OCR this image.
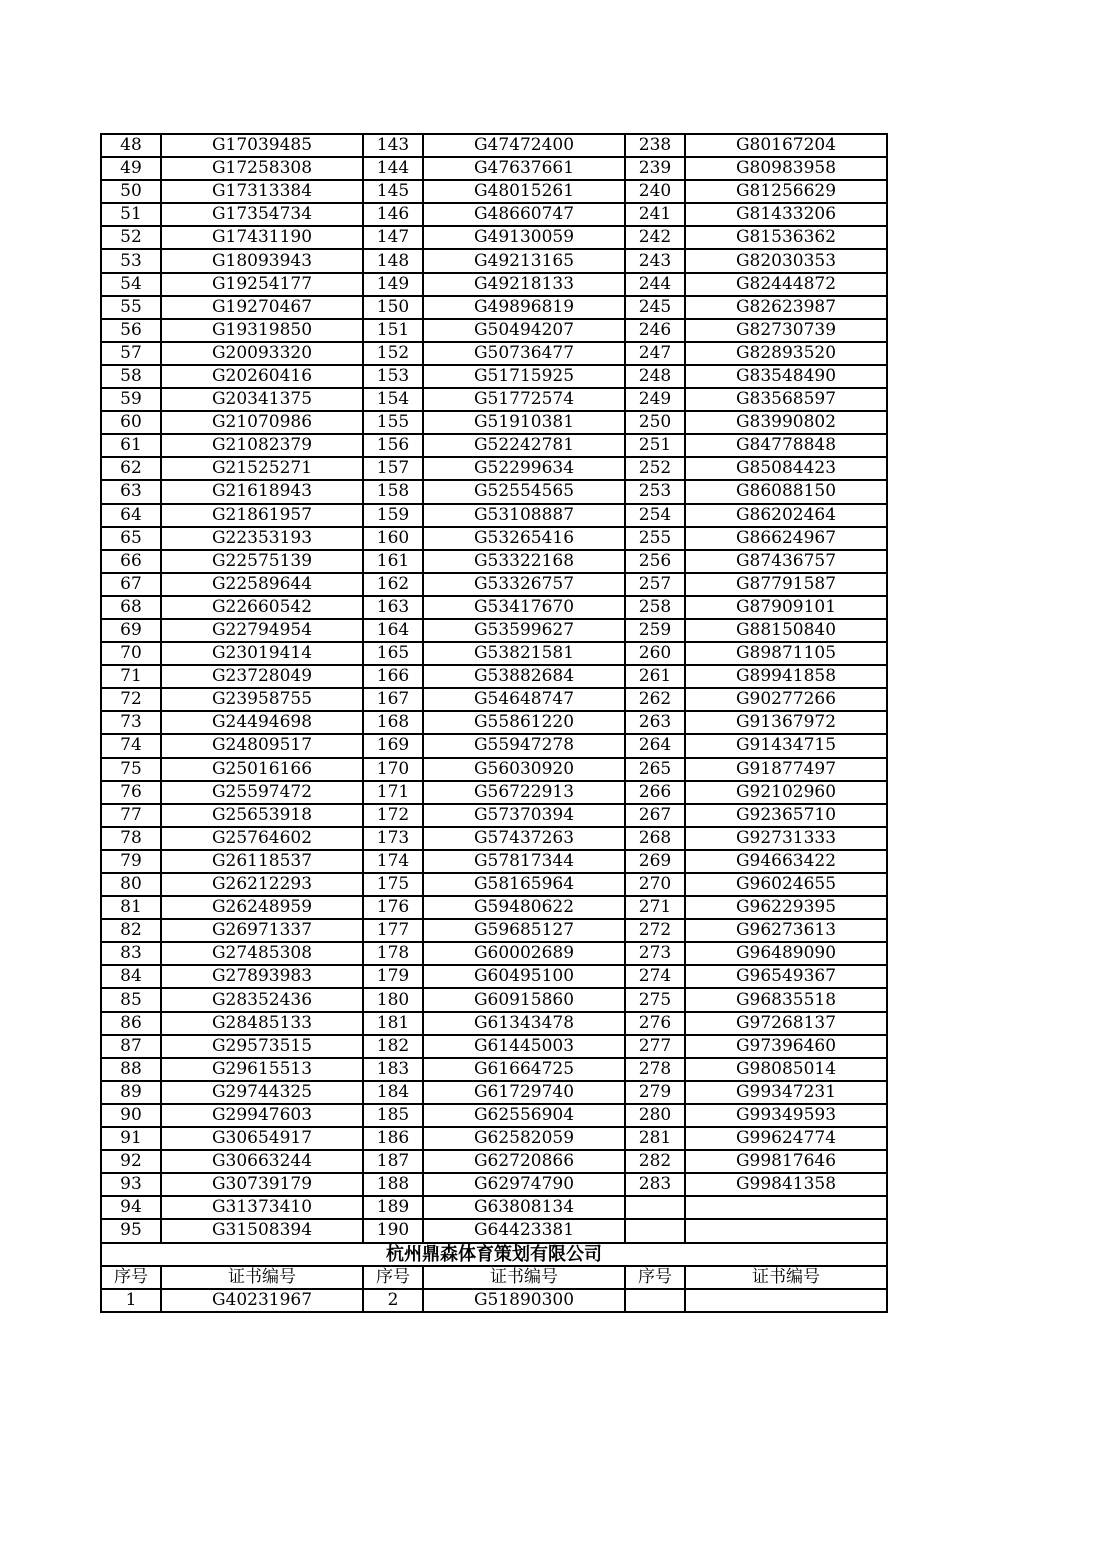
48	G17039485	143	G47472400	238	G80167204
49	G17258308	144	G47637661	239	G80983958
50	G17313384	145	G48015261	240	G81256629
51	G17354734	146	G48660747	241	G81433206
52	G17431190	147	G49130059	242	G81536362
53	G18093943	148	G49213165	243	G82030353
54	G19254177	149	G49218133	244	G82444872
55	G19270467	150	G49896819	245	G82623987
56	G19319850	151	G50494207	246	G82730739
57	G20093320	152	G50736477	247	G82893520
58	G20260416	153	G51715925	248	G83548490
59	G20341375	154	G51772574	249	G83568597
60	G21070986	155	G51910381	250	G83990802
61	G21082379	156	G52242781	251	G84778848
62	G21525271	157	G52299634	252	G85084423
63	G21618943	158	G52554565	253	G86088150
64	G21861957	159	G53108887	254	G86202464
65	G22353193	160	G53265416	255	G86624967
66	G22575139	161	G53322168	256	G87436757
67	G22589644	162	G53326757	257	G87791587
68	G22660542	163	G53417670	258	G87909101
69	G22794954	164	G53599627	259	G88150840
70	G23019414	165	G53821581	260	G89871105
71	G23728049	166	G53882684	261	G89941858
72	G23958755	167	G54648747	262	G90277266
73	G24494698	168	G55861220	263	G91367972
74	G24809517	169	G55947278	264	G91434715
75	G25016166	170	G56030920	265	G91877497
76	G25597472	171	G56722913	266	G92102960
77	G25653918	172	G57370394	267	G92365710
78	G25764602	173	G57437263	268	G92731333
79	G26118537	174	G57817344	269	G94663422
80	G26212293	175	G58165964	270	G96024655
81	G26248959	176	G59480622	271	G96229395
82	G26971337	177	G59685127	272	G96273613
83	G27485308	178	G60002689	273	G96489090
84	G27893983	179	G60495100	274	G96549367
85	G28352436	180	G60915860	275	G96835518
86	G28485133	181	G61343478	276	G97268137
87	G29573515	182	G61445003	277	G97396460
88	G29615513	183	G61664725	278	G98085014
89	G29744325	184	G61729740	279	G99347231
90	G29947603	185	G62556904	280	G99349593
91	G30654917	186	G62582059	281	G99624774
92	G30663244	187	G62720866	282	G99817646
93	G30739179	188	G62974790	283	G99841358
94	G31373410	189	G63808134		
95	G31508394	190	G64423381		
杭州鼎森体育策划有限公司					
序号	证书编号	序号	证书编号	序号	证书编号
1	G40231967	2	G51890300		
